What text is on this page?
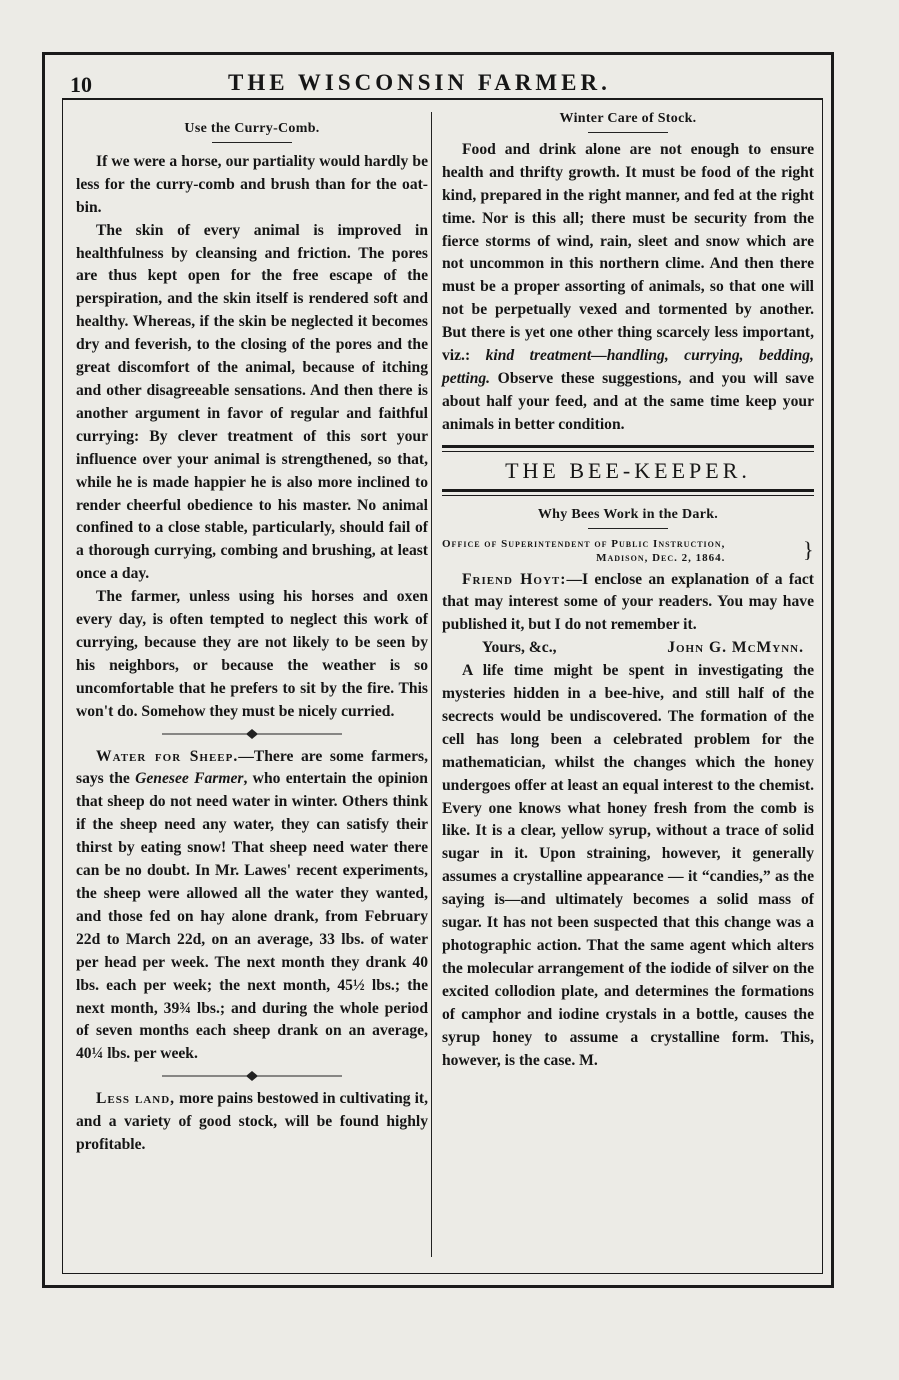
10	THE WISCONSIN FARMER.
Use the Curry-Comb.

If we were a horse, our partiality would hardly be less for the curry-comb and brush than for the oat-bin.

The skin of every animal is improved in healthfulness by cleansing and friction. The pores are thus kept open for the free escape of the perspiration, and the skin itself is rendered soft and healthy. Whereas, if the skin be neglected it becomes dry and feverish, to the closing of the pores and the great discomfort of the animal, because of itching and other disagreeable sensations. And then there is another argument in favor of regular and faithful currying: By clever treatment of this sort your influence over your animal is strengthened, so that, while he is made happier he is also more inclined to render cheerful obedience to his master. No animal confined to a close stable, particularly, should fail of a thorough currying, combing and brushing, at least once a day.

The farmer, unless using his horses and oxen every day, is often tempted to neglect this work of currying, because they are not likely to be seen by his neighbors, or because the weather is so uncomfortable that he prefers to sit by the fire. This won't do. Somehow they must be nicely curried.

Water for Sheep.—There are some farmers, says the Genesee Farmer, who entertain the opinion that sheep do not need water in winter. Others think if the sheep need any water, they can satisfy their thirst by eating snow! That sheep need water there can be no doubt. In Mr. Lawes' recent experiments, the sheep were allowed all the water they wanted, and those fed on hay alone drank, from February 22d to March 22d, on an average, 33 lbs. of water per head per week. The next month they drank 40 lbs. each per week; the next month, 45½ lbs.; the next month, 39¾ lbs.; and during the whole period of seven months each sheep drank on an average, 40¼ lbs. per week.

Less land, more pains bestowed in cultivating it, and a variety of good stock, will be found highly profitable.

Winter Care of Stock.

Food and drink alone are not enough to ensure health and thrifty growth. It must be food of the right kind, prepared in the right manner, and fed at the right time. Nor is this all; there must be security from the fierce storms of wind, rain, sleet and snow which are not uncommon in this northern clime. And then there must be a proper assorting of animals, so that one will not be perpetually vexed and tormented by another. But there is yet one other thing scarcely less important, viz.: kind treatment—handling, currying, bedding, petting. Observe these suggestions, and you will save about half your feed, and at the same time keep your animals in better condition.

THE BEE-KEEPER.
Why Bees Work in the Dark.
Office of Superintendent of Public Instruction,
Madison, Dec. 2, 1864.	}

Friend Hoyt:—I enclose an explanation of a fact that may interest some of your readers. You may have published it, but I do not remember it.

Yours, &c.,	John G. McMynn.

A life time might be spent in investigating the mysteries hidden in a bee-hive, and still half of the secrects would be undiscovered. The formation of the cell has long been a celebrated problem for the mathematician, whilst the changes which the honey undergoes offer at least an equal interest to the chemist. Every one knows what honey fresh from the comb is like. It is a clear, yellow syrup, without a trace of solid sugar in it. Upon straining, however, it generally assumes a crystalline appearance — it “candies,” as the saying is—and ultimately becomes a solid mass of sugar. It has not been suspected that this change was a photographic action. That the same agent which alters the molecular arrangement of the iodide of silver on the excited collodion plate, and determines the formations of camphor and iodine crystals in a bottle, causes the syrup honey to assume a crystalline form. This, however, is the case. M.
